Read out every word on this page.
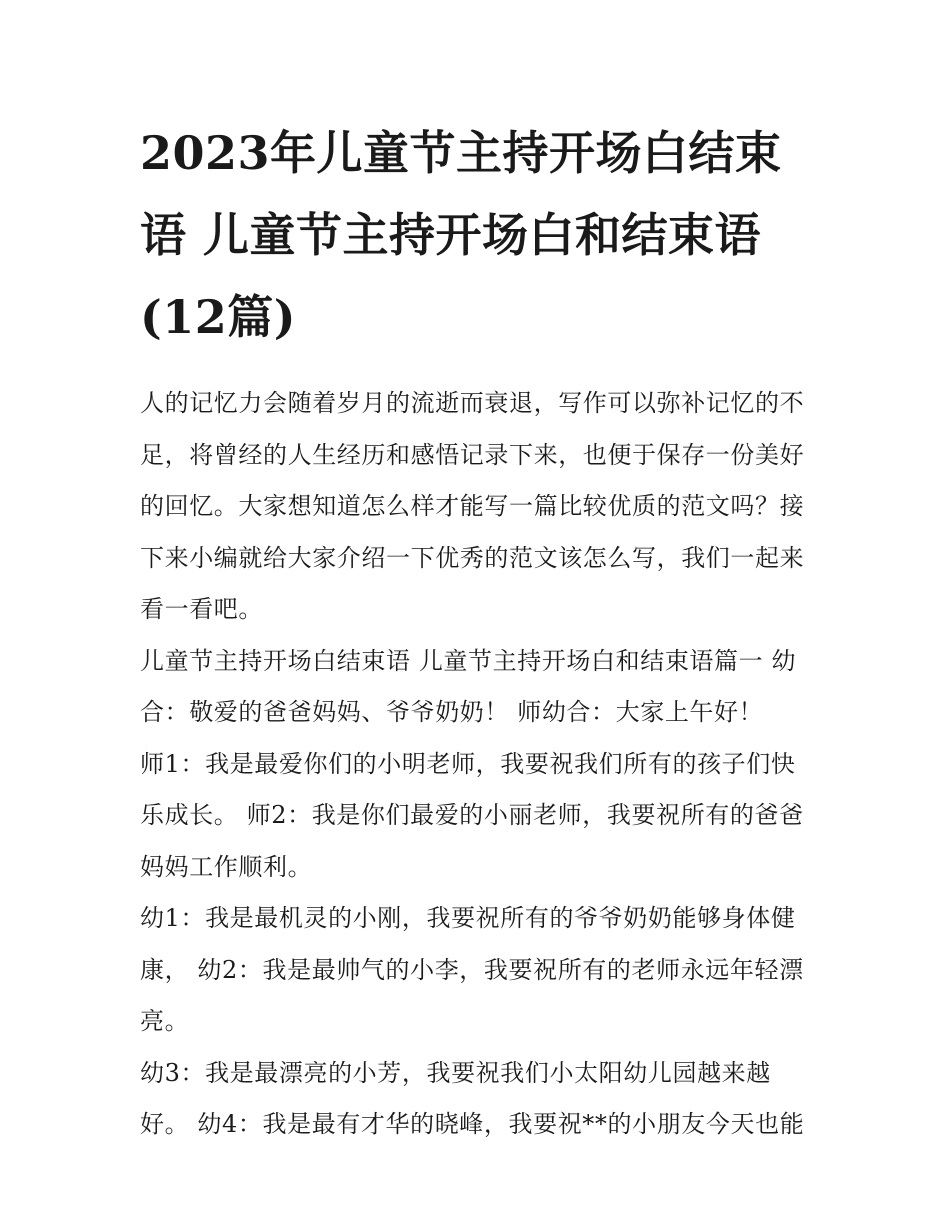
2023年儿童节主持开场白结束
语 儿童节主持开场白和结束语
(12篇)

人的记忆力会随着岁月的流逝而衰退，写作可以弥补记忆的不
足，将曾经的人生经历和感悟记录下来，也便于保存一份美好
的回忆。大家想知道怎么样才能写一篇比较优质的范文吗？接
下来小编就给大家介绍一下优秀的范文该怎么写，我们一起来
看一看吧。

儿童节主持开场白结束语 儿童节主持开场白和结束语篇一 幼
合：敬爱的爸爸妈妈、爷爷奶奶！ 师幼合：大家上午好！

师1：我是最爱你们的小明老师，我要祝我们所有的孩子们快
乐成长。 师2：我是你们最爱的小丽老师，我要祝所有的爸爸
妈妈工作顺利。

幼1：我是最机灵的小刚，我要祝所有的爷爷奶奶能够身体健
康， 幼2：我是最帅气的小李，我要祝所有的老师永远年轻漂
亮。

幼3：我是最漂亮的小芳，我要祝我们小太阳幼儿园越来越
好。 幼4：我是最有才华的晓峰，我要祝**的小朋友今天也能
